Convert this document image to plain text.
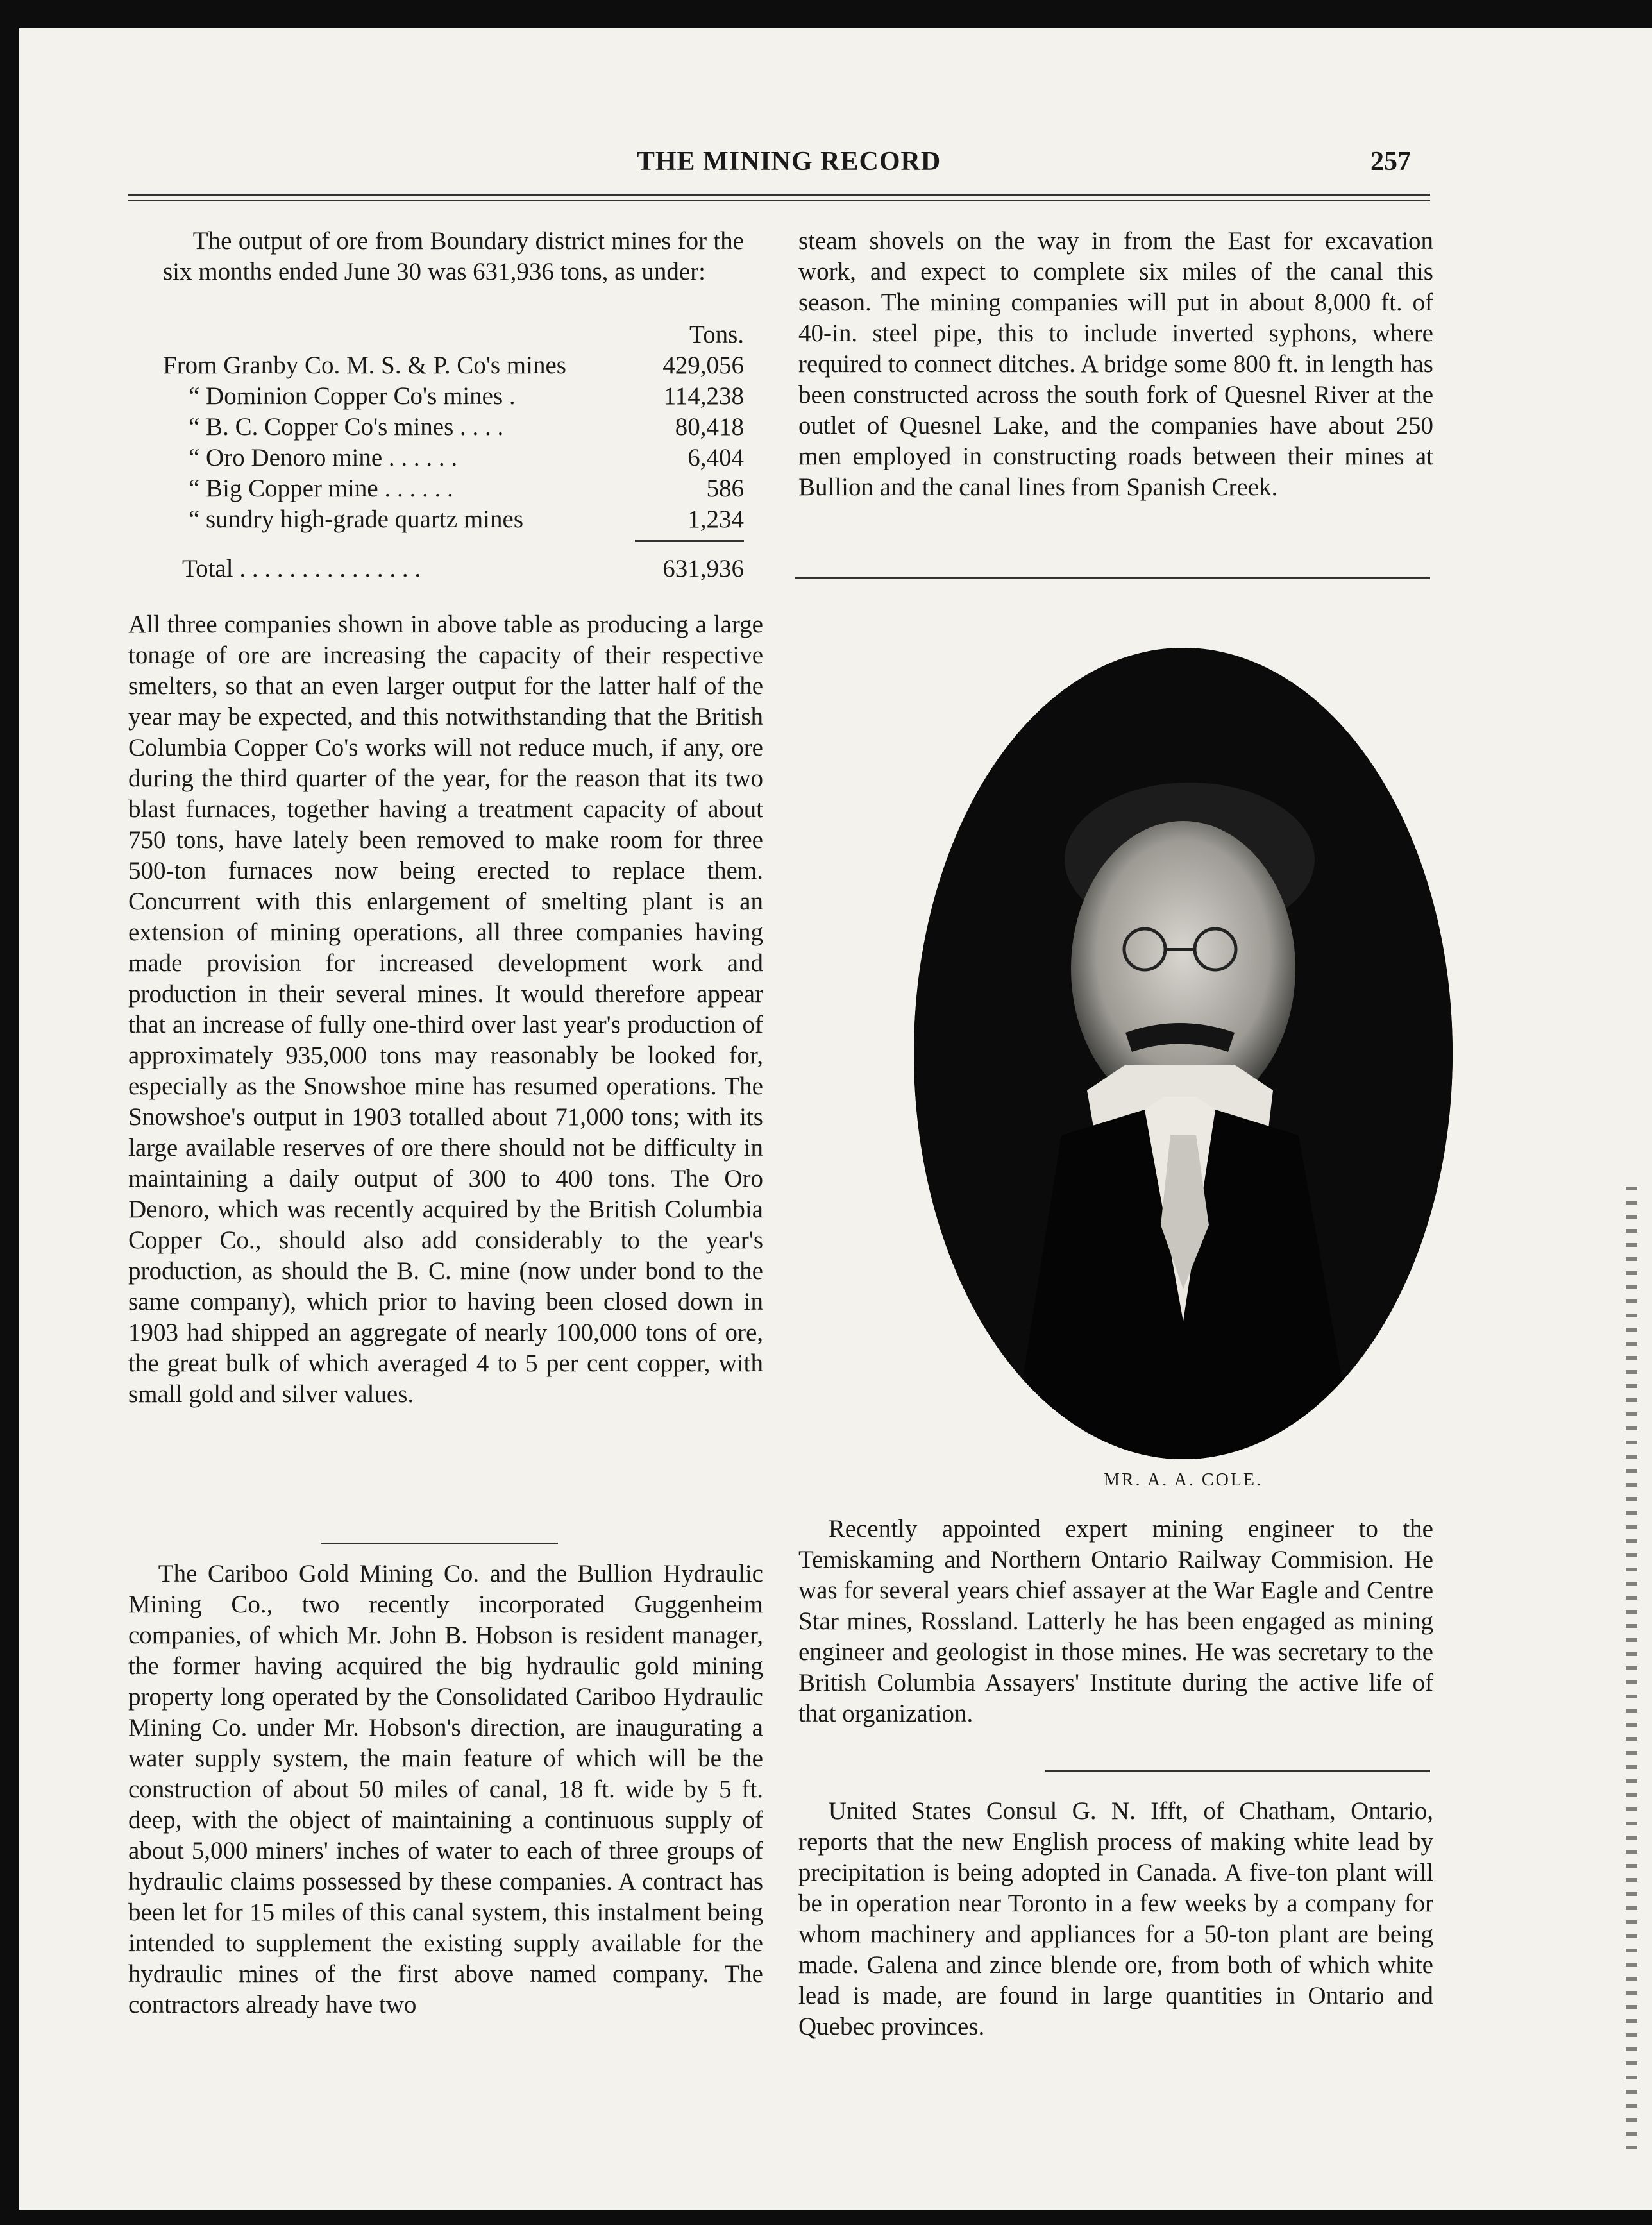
THE MINING RECORD	257

The output of ore from Boundary district mines for the six months ended June 30 was 631,936 tons, as under:

Tons.
From Granby Co. M. S. & P. Co's mines	429,056
“ Dominion Copper Co's mines .	114,238
“ B. C. Copper Co's mines . . . .	80,418
“ Oro Denoro mine . . . . . .	6,404
“ Big Copper mine . . . . . .	586
“ sundry high-grade quartz mines	1,234
Total . . . . . . . . . . . . . . .	631,936

All three companies shown in above table as producing a large tonage of ore are increasing the capacity of their respective smelters, so that an even larger output for the latter half of the year may be expected, and this notwithstanding that the British Columbia Copper Co's works will not reduce much, if any, ore during the third quarter of the year, for the reason that its two blast furnaces, together having a treatment capacity of about 750 tons, have lately been removed to make room for three 500-ton furnaces now being erected to replace them. Concurrent with this enlargement of smelting plant is an extension of mining operations, all three companies having made provision for increased development work and production in their several mines. It would therefore appear that an increase of fully one-third over last year's production of approximately 935,000 tons may reasonably be looked for, especially as the Snowshoe mine has resumed operations. The Snowshoe's output in 1903 totalled about 71,000 tons; with its large available reserves of ore there should not be difficulty in maintaining a daily output of 300 to 400 tons. The Oro Denoro, which was recently acquired by the British Columbia Copper Co., should also add considerably to the year's production, as should the B. C. mine (now under bond to the same company), which prior to having been closed down in 1903 had shipped an aggregate of nearly 100,000 tons of ore, the great bulk of which averaged 4 to 5 per cent copper, with small gold and silver values.

The Cariboo Gold Mining Co. and the Bullion Hydraulic Mining Co., two recently incorporated Guggenheim companies, of which Mr. John B. Hobson is resident manager, the former having acquired the big hydraulic gold mining property long operated by the Consolidated Cariboo Hydraulic Mining Co. under Mr. Hobson's direction, are inaugurating a water supply system, the main feature of which will be the construction of about 50 miles of canal, 18 ft. wide by 5 ft. deep, with the object of maintaining a continuous supply of about 5,000 miners' inches of water to each of three groups of hydraulic claims possessed by these companies. A contract has been let for 15 miles of this canal system, this instalment being intended to supplement the existing supply available for the hydraulic mines of the first above named company. The contractors already have two

steam shovels on the way in from the East for excavation work, and expect to complete six miles of the canal this season. The mining companies will put in about 8,000 ft. of 40-in. steel pipe, this to include inverted syphons, where required to connect ditches. A bridge some 800 ft. in length has been constructed across the south fork of Quesnel River at the outlet of Quesnel Lake, and the companies have about 250 men employed in constructing roads between their mines at Bullion and the canal lines from Spanish Creek.

MR. A. A. COLE.

Recently appointed expert mining engineer to the Temiskaming and Northern Ontario Railway Commision. He was for several years chief assayer at the War Eagle and Centre Star mines, Rossland. Latterly he has been engaged as mining engineer and geologist in those mines. He was secretary to the British Columbia Assayers' Institute during the active life of that organization.

United States Consul G. N. Ifft, of Chatham, Ontario, reports that the new English process of making white lead by precipitation is being adopted in Canada. A five-ton plant will be in operation near Toronto in a few weeks by a company for whom machinery and appliances for a 50-ton plant are being made. Galena and zince blende ore, from both of which white lead is made, are found in large quantities in Ontario and Quebec provinces.
